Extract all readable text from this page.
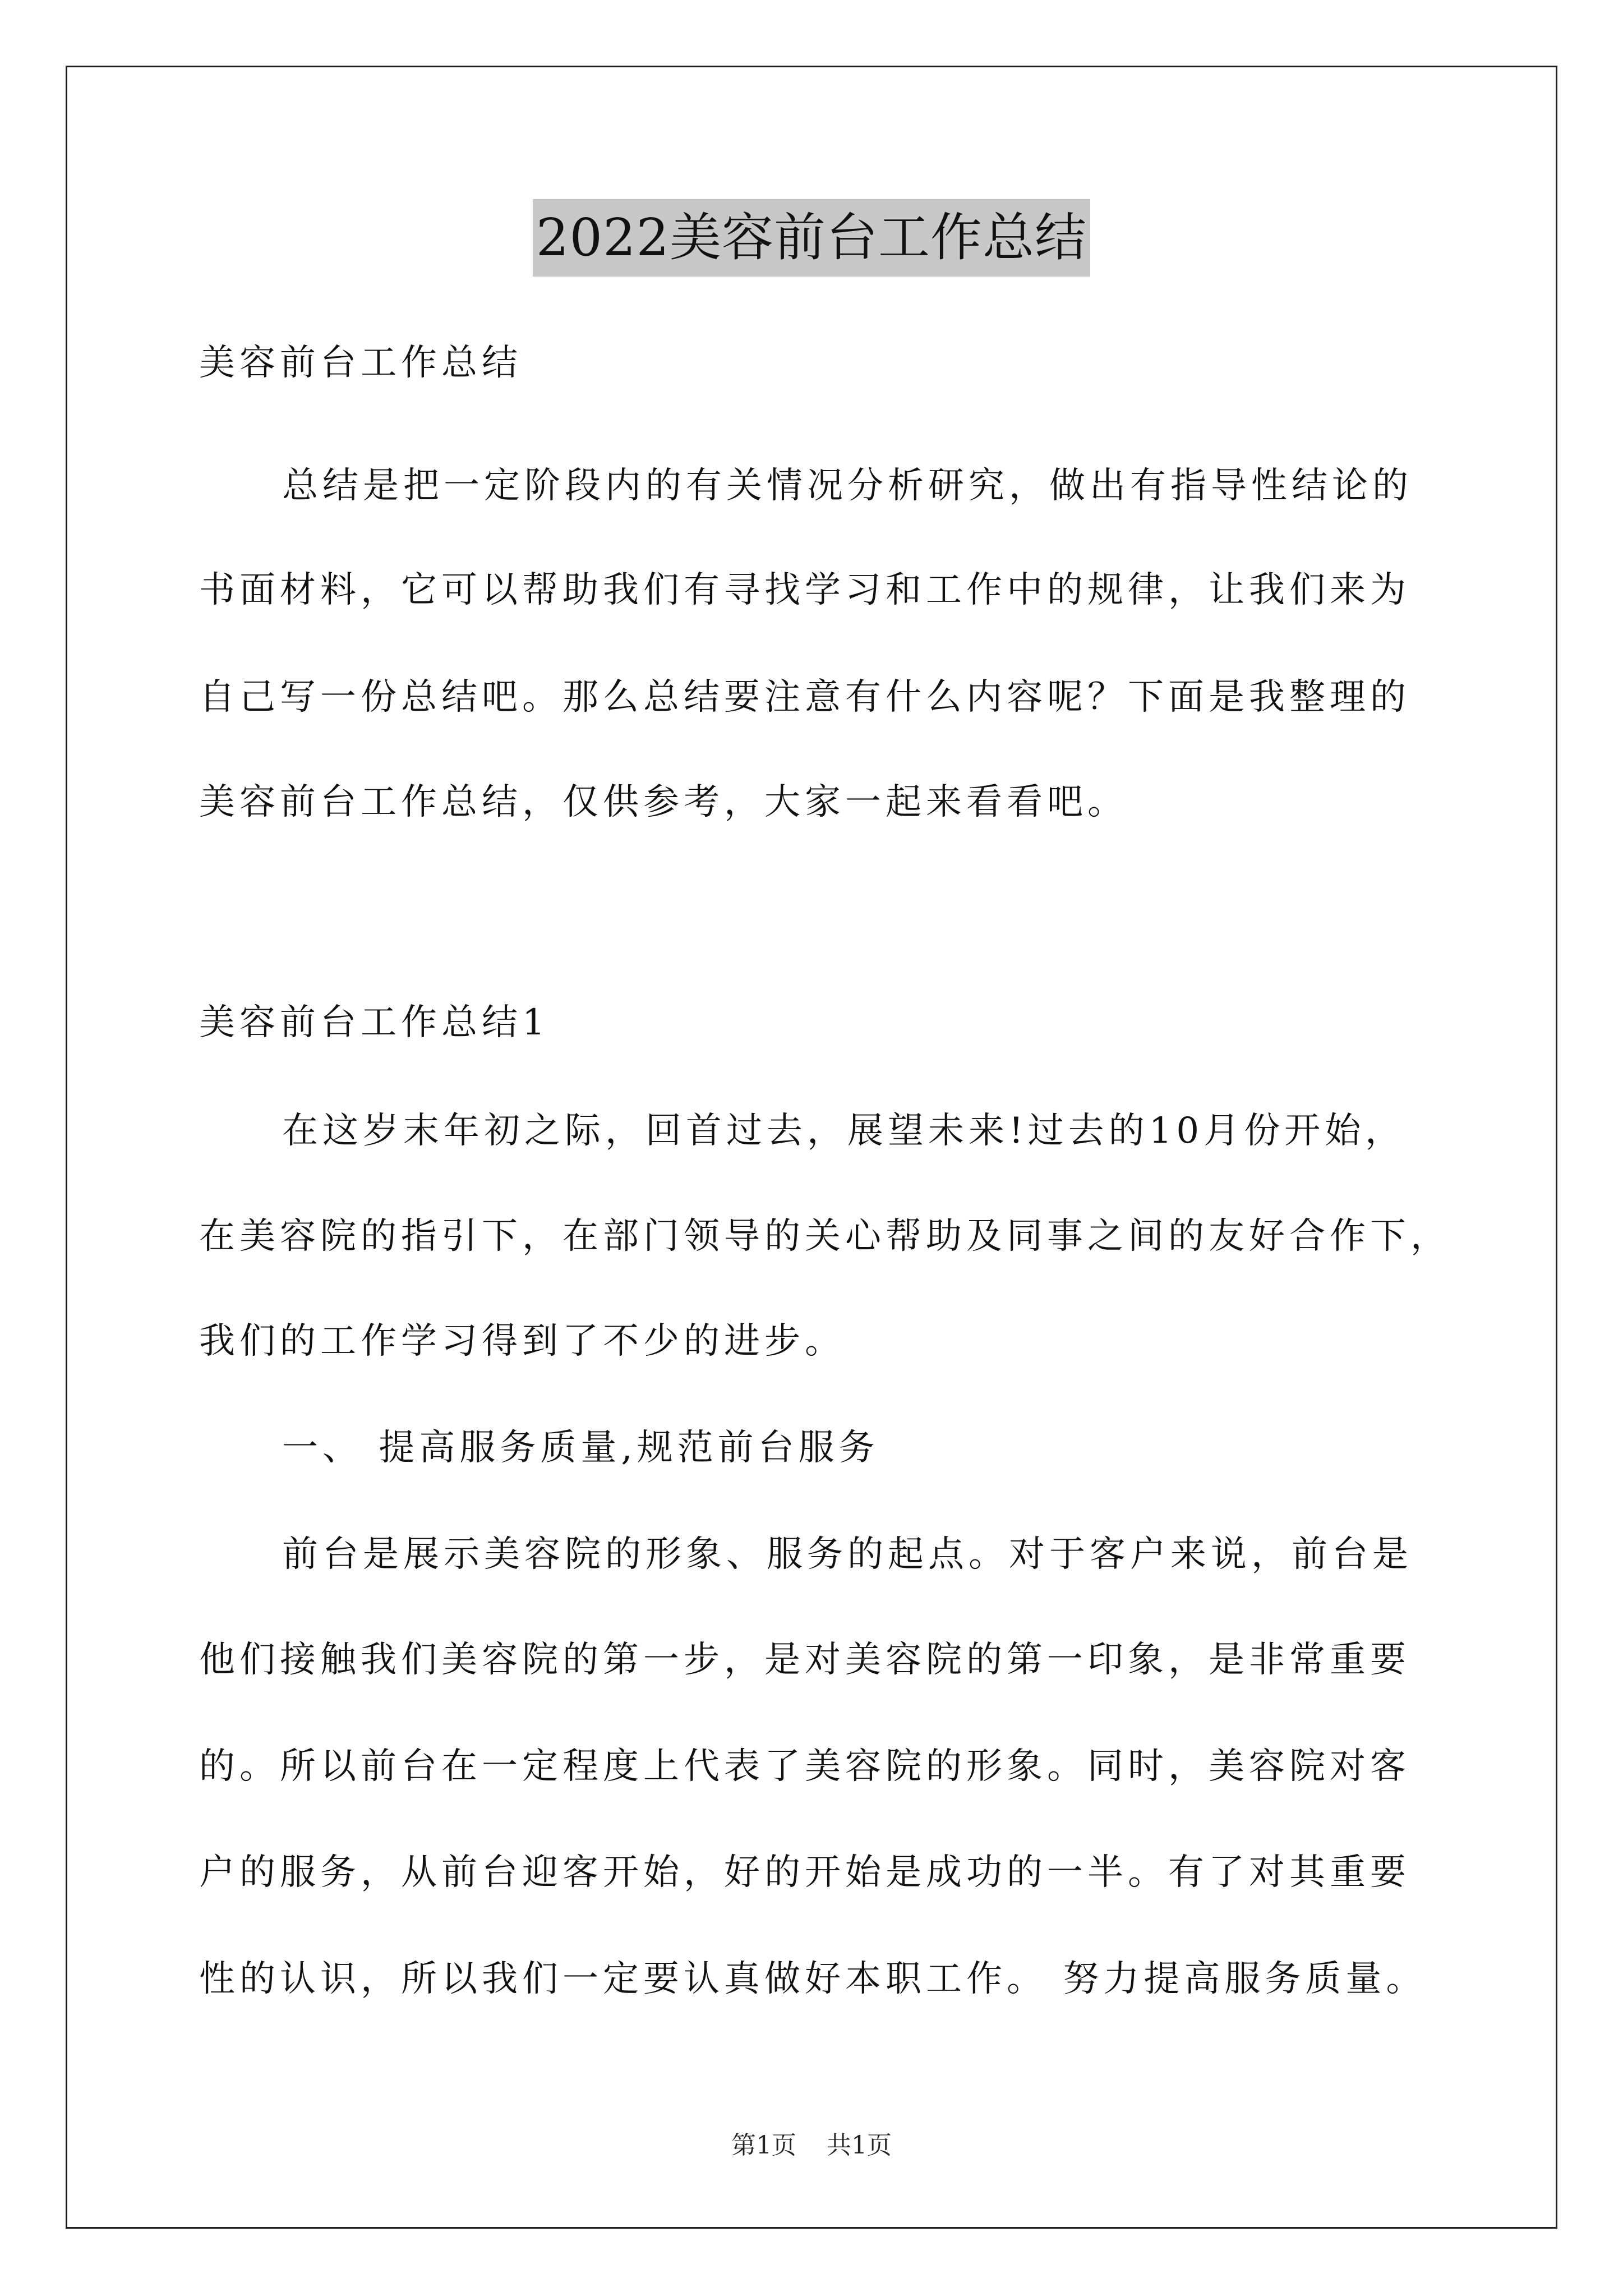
2022美容前台工作总结

美容前台工作总结

总结是把一定阶段内的有关情况分析研究，做出有指导性结论的

书面材料，它可以帮助我们有寻找学习和工作中的规律，让我们来为

自己写一份总结吧。那么总结要注意有什么内容呢？下面是我整理的

美容前台工作总结，仅供参考，大家一起来看看吧。

美容前台工作总结1

在这岁末年初之际，回首过去，展望未来!过去的10月份开始，

在美容院的指引下，在部门领导的关心帮助及同事之间的友好合作下，

我们的工作学习得到了不少的进步。

一、 提高服务质量,规范前台服务

前台是展示美容院的形象、服务的起点。对于客户来说，前台是

他们接触我们美容院的第一步，是对美容院的第一印象，是非常重要

的。所以前台在一定程度上代表了美容院的形象。同时，美容院对客

户的服务，从前台迎客开始，好的开始是成功的一半。有了对其重要

性的认识，所以我们一定要认真做好本职工作。 努力提高服务质量。

第1页 共1页
